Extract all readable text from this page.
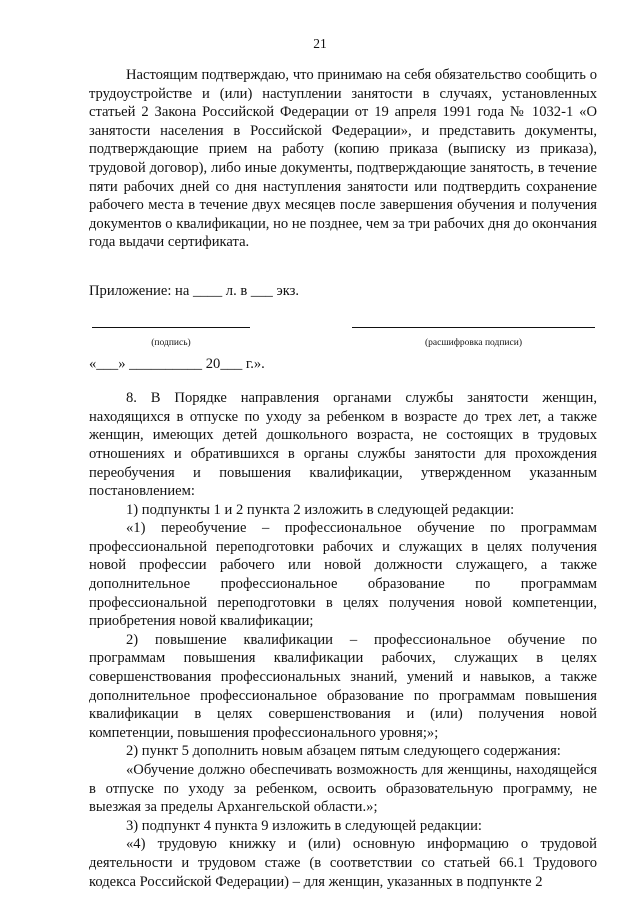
21

Настоящим подтверждаю, что принимаю на себя обязательство сообщить о трудоустройстве и (или) наступлении занятости в случаях, установленных статьей 2 Закона Российской Федерации от 19 апреля 1991 года № 1032-1 «О занятости населения в Российской Федерации», и представить документы, подтверждающие прием на работу (копию приказа (выписку из приказа), трудовой договор), либо иные документы, подтверждающие занятость, в течение пяти рабочих дней со дня наступления занятости или подтвердить сохранение рабочего места в течение двух месяцев после завершения обучения и получения документов о квалификации, но не позднее, чем за три рабочих дня до окончания года выдачи сертификата.

Приложение: на ____ л. в ___ экз.

(подпись)	(расшифровка подписи)

«___» __________ 20___ г.».

8. В Порядке направления органами службы занятости женщин, находящихся в отпуске по уходу за ребенком в возрасте до трех лет, а также женщин, имеющих детей дошкольного возраста, не состоящих в трудовых отношениях и обратившихся в органы службы занятости для прохождения переобучения и повышения квалификации, утвержденном указанным постановлением:

1) подпункты 1 и 2 пункта 2 изложить в следующей редакции:

«1) переобучение – профессиональное обучение по программам профессиональной переподготовки рабочих и служащих в целях получения новой профессии рабочего или новой должности служащего, а также дополнительное профессиональное образование по программам профессиональной переподготовки в целях получения новой компетенции, приобретения новой квалификации;

2) повышение квалификации – профессиональное обучение по программам повышения квалификации рабочих, служащих в целях совершенствования профессиональных знаний, умений и навыков, а также дополнительное профессиональное образование по программам повышения квалификации в целях совершенствования и (или) получения новой компетенции, повышения профессионального уровня;»;

2) пункт 5 дополнить новым абзацем пятым следующего содержания:

«Обучение должно обеспечивать возможность для женщины, находящейся в отпуске по уходу за ребенком, освоить образовательную программу, не выезжая за пределы Архангельской области.»;

3) подпункт 4 пункта 9 изложить в следующей редакции:

«4) трудовую книжку и (или) основную информацию о трудовой деятельности и трудовом стаже (в соответствии со статьей 66.1 Трудового кодекса Российской Федерации) – для женщин, указанных в подпункте 2
